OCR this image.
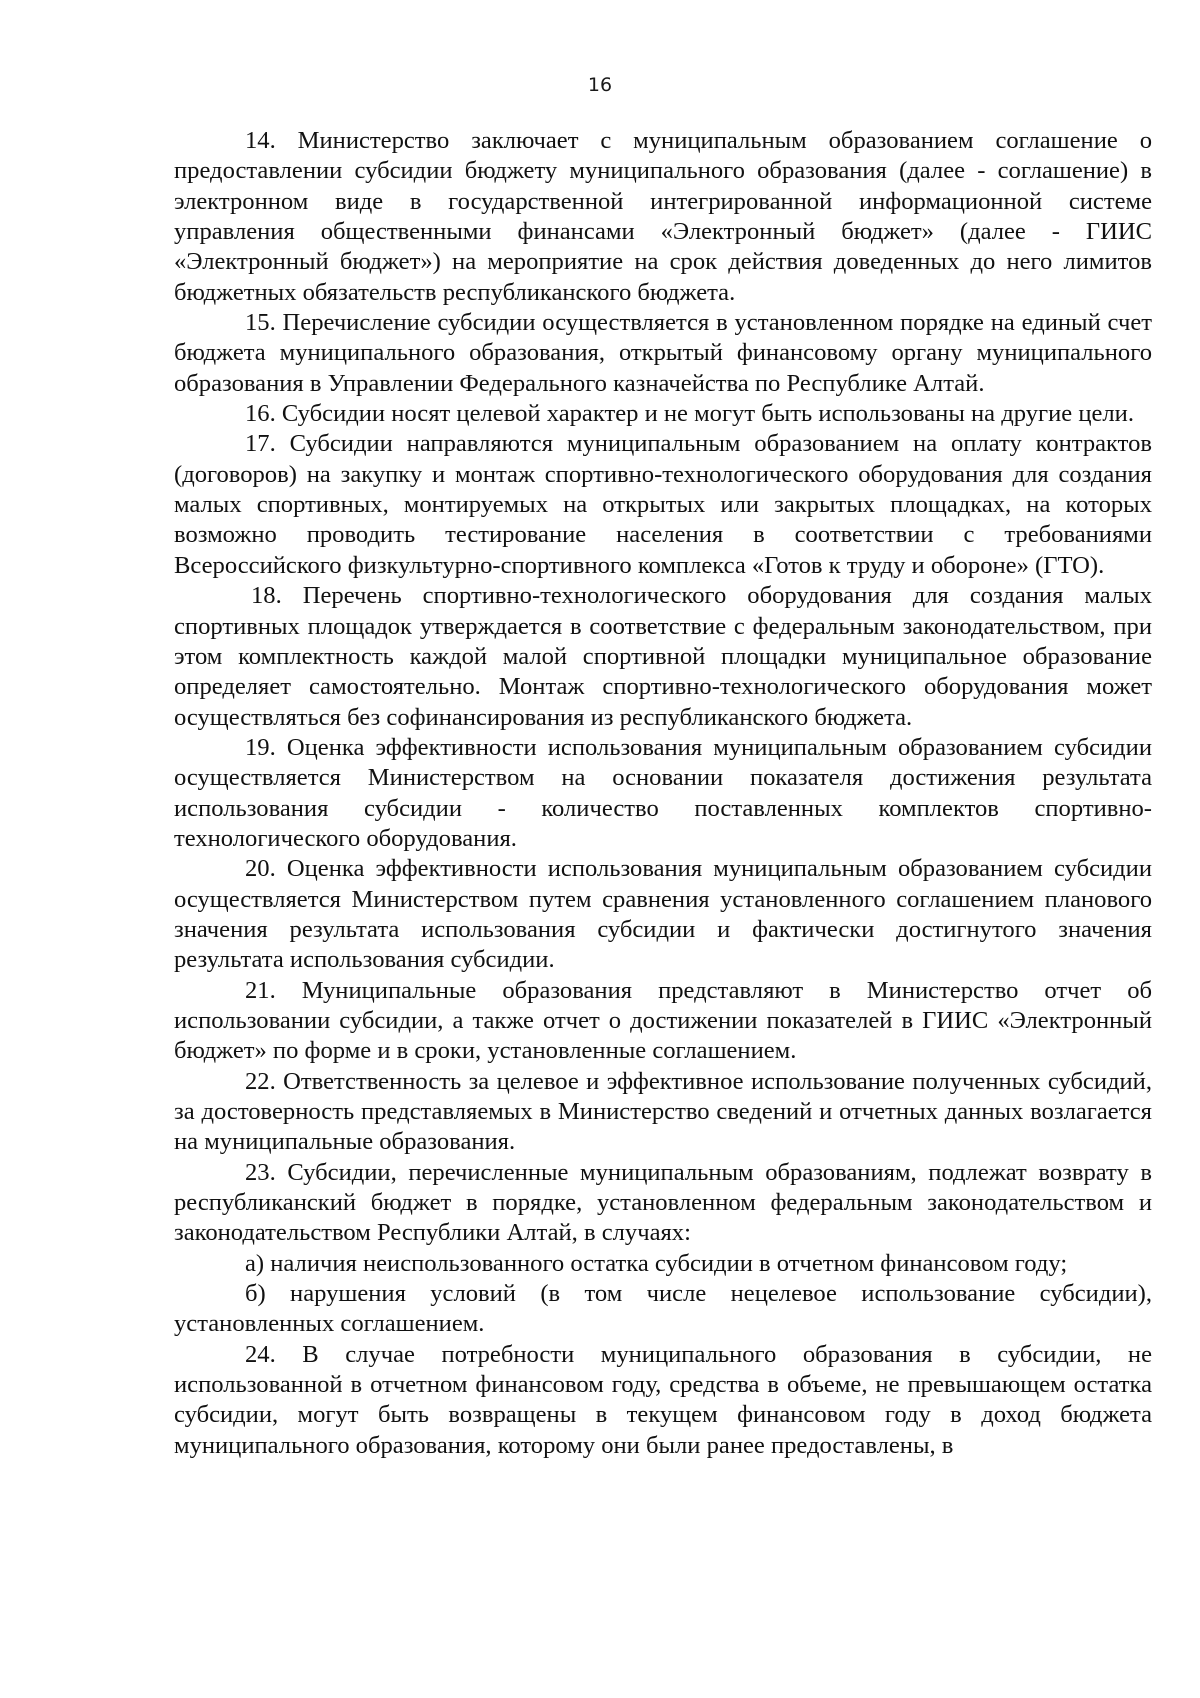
16

14. Министерство заключает с муниципальным образованием соглашение о предоставлении субсидии бюджету муниципального образования (далее - соглашение) в электронном виде в государственной интегрированной информационной системе управления общественными финансами «Электронный бюджет» (далее - ГИИС «Электронный бюджет») на мероприятие на срок действия доведенных до него лимитов бюджетных обязательств республиканского бюджета.

15. Перечисление субсидии осуществляется в установленном порядке на единый счет бюджета муниципального образования, открытый финансовому органу муниципального образования в Управлении Федерального казначейства по Республике Алтай.

16. Субсидии носят целевой характер и не могут быть использованы на другие цели.

17. Субсидии направляются муниципальным образованием на оплату контрактов (договоров) на закупку и монтаж спортивно-технологического оборудования для создания малых спортивных, монтируемых на открытых или закрытых площадках, на которых возможно проводить тестирование населения в соответствии с требованиями Всероссийского физкультурно-спортивного комплекса «Готов к труду и обороне» (ГТО).

18. Перечень спортивно-технологического оборудования для создания малых спортивных площадок утверждается в соответствие с федеральным законодательством, при этом комплектность каждой малой спортивной площадки муниципальное образование определяет самостоятельно. Монтаж спортивно-технологического оборудования может осуществляться без софинансирования из республиканского бюджета.

19. Оценка эффективности использования муниципальным образованием субсидии осуществляется Министерством на основании показателя достижения результата использования субсидии - количество поставленных комплектов спортивно-технологического оборудования.

20. Оценка эффективности использования муниципальным образованием субсидии осуществляется Министерством путем сравнения установленного соглашением планового значения результата использования субсидии и фактически достигнутого значения результата использования субсидии.

21. Муниципальные образования представляют в Министерство отчет об использовании субсидии, а также отчет о достижении показателей в ГИИС «Электронный бюджет» по форме и в сроки, установленные соглашением.

22. Ответственность за целевое и эффективное использование полученных субсидий, за достоверность представляемых в Министерство сведений и отчетных данных возлагается на муниципальные образования.

23. Субсидии, перечисленные муниципальным образованиям, подлежат возврату в республиканский бюджет в порядке, установленном федеральным законодательством и законодательством Республики Алтай, в случаях:

а) наличия неиспользованного остатка субсидии в отчетном финансовом году;

б) нарушения условий (в том числе нецелевое использование субсидии), установленных соглашением.

24. В случае потребности муниципального образования в субсидии, не использованной в отчетном финансовом году, средства в объеме, не превышающем остатка субсидии, могут быть возвращены в текущем финансовом году в доход бюджета муниципального образования, которому они были ранее предоставлены, в
